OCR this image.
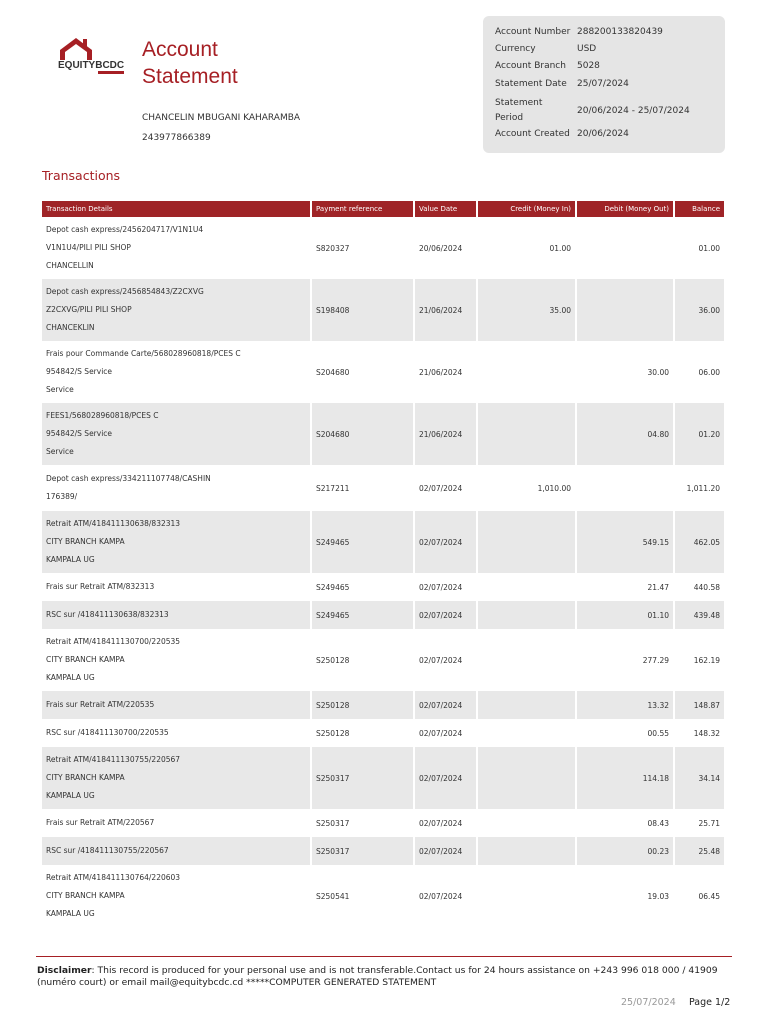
EQUITYBCDC
Account Statement
CHANCELIN MBUGANI KAHARAMBA
243977866389
Account Number 288200133820439
Currency	USD
Account Branch	5028
Statement Date	25/07/2024
Statement Period
20/06/2024 - 25/07/2024
Account Created 20/06/2024
Transactions
Transaction Details	Payment reference	Value Date	Credit (Money In)	Debit (Money Out)	Balance

Depot cash express/2456204717/V1N1U4
V1N1U4/PILI PILI SHOP
CHANCELLIN	S820327	20/06/2024	01.00		01.00

Depot cash express/2456854843/Z2CXVG
Z2CXVG/PILI PILI SHOP
CHANCEKLIN	S198408	21/06/2024	35.00		36.00

Frais pour Commande Carte/568028960818/PCES C
954842/S Service
Service	S204680	21/06/2024		30.00	06.00

FEES1/568028960818/PCES C
954842/S Service
Service	S204680	21/06/2024		04.80	01.20

Depot cash express/334211107748/CASHIN
176389/	S217211	02/07/2024	1,010.00		1,011.20

Retrait ATM/418411130638/832313
CITY BRANCH KAMPA
KAMPALA UG	S249465	02/07/2024		549.15	462.05

Frais sur Retrait ATM/832313	S249465	02/07/2024		21.47	440.58

RSC sur /418411130638/832313	S249465	02/07/2024		01.10	439.48

Retrait ATM/418411130700/220535
CITY BRANCH KAMPA
KAMPALA UG	S250128	02/07/2024		277.29	162.19

Frais sur Retrait ATM/220535	S250128	02/07/2024		13.32	148.87

RSC sur /418411130700/220535	S250128	02/07/2024		00.55	148.32

Retrait ATM/418411130755/220567
CITY BRANCH KAMPA
KAMPALA UG	S250317	02/07/2024		114.18	34.14

Frais sur Retrait ATM/220567	S250317	02/07/2024		08.43	25.71

RSC sur /418411130755/220567	S250317	02/07/2024		00.23	25.48

Retrait ATM/418411130764/220603
CITY BRANCH KAMPA
KAMPALA UG	S250541	02/07/2024		19.03	06.45
Disclaimer: This record is produced for your personal use and is not transferable.Contact us for 24 hours assistance on +243 996 018 000 / 41909 (numéro court) or email mail@equitybcdc.cd *****COMPUTER GENERATED STATEMENT
25/07/2024 Page 1/2
